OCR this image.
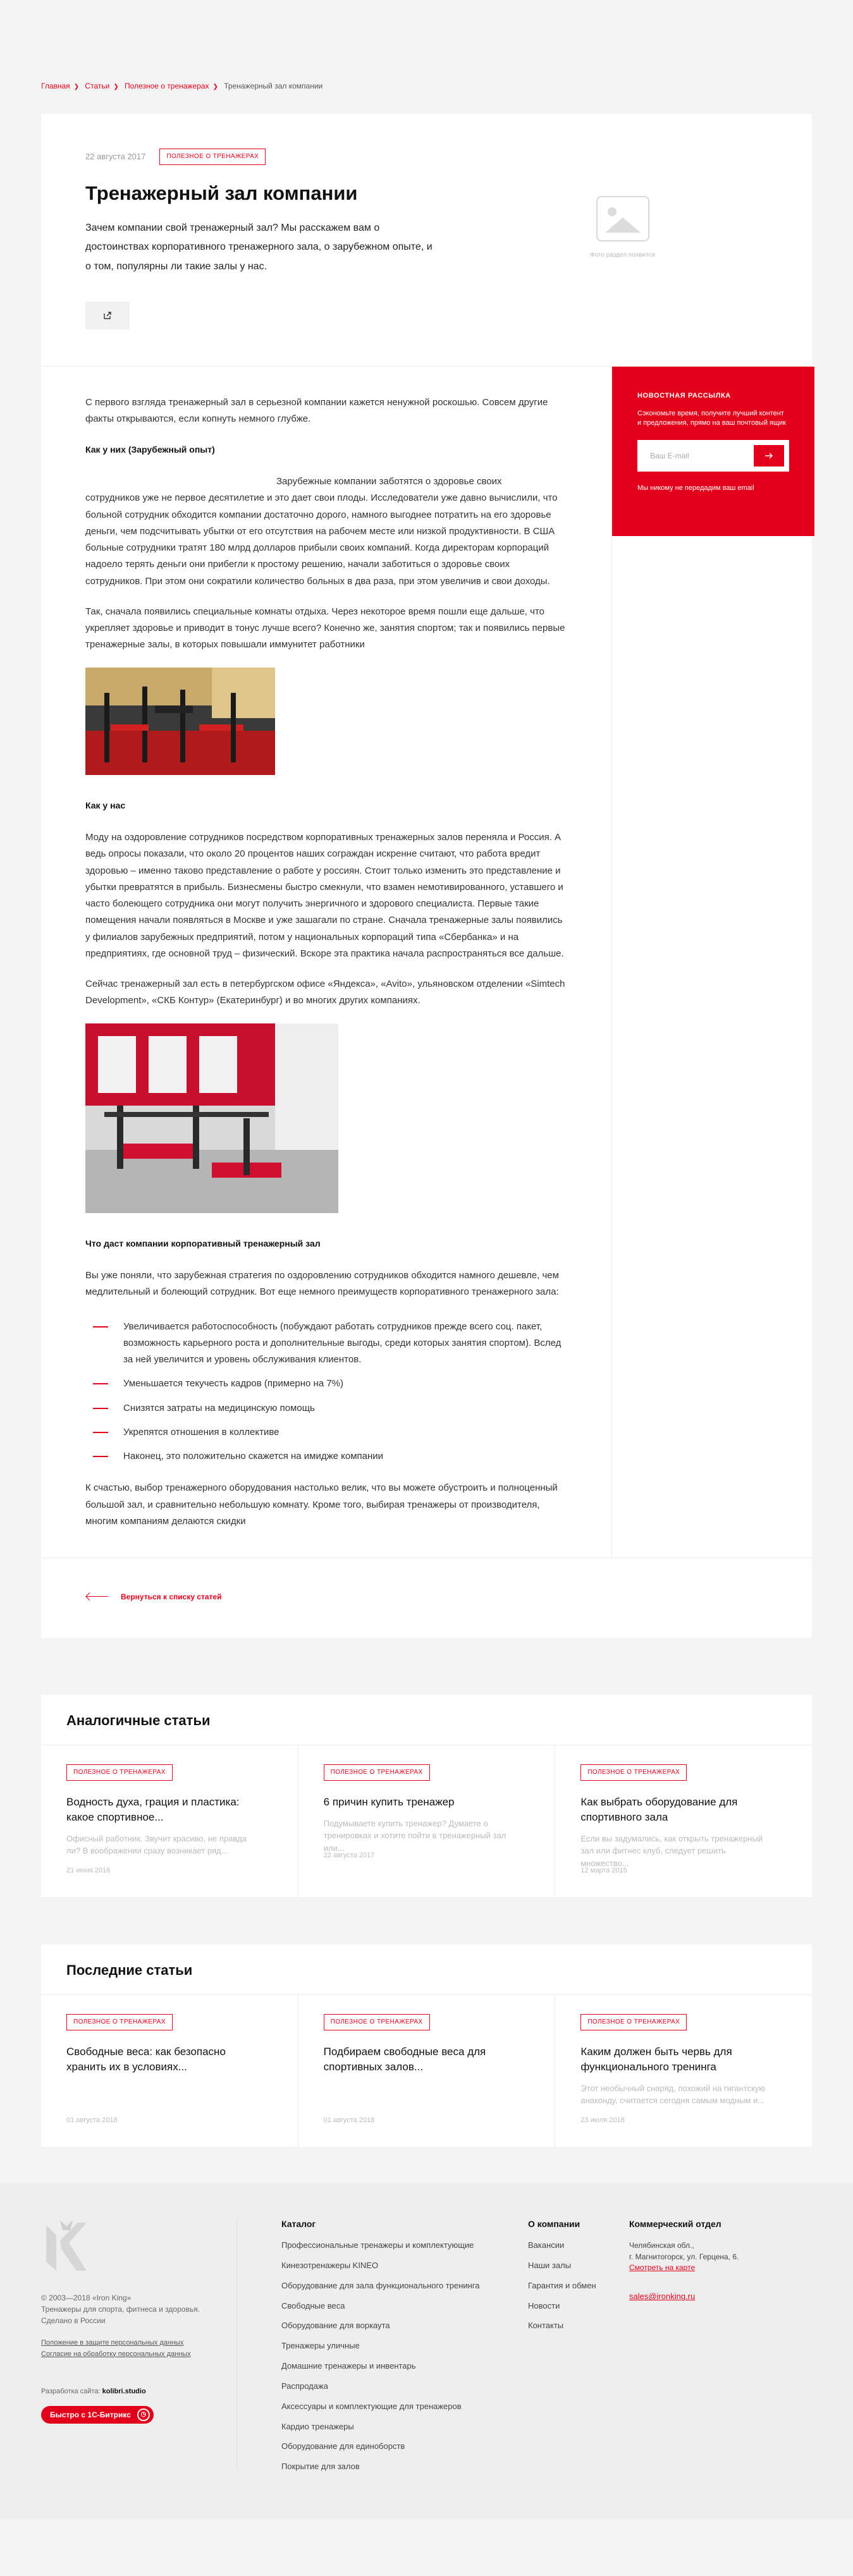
Главная ❯ Статьи ❯ Полезное о тренажерах ❯ Тренажерный зал компании
22 августа 2017	ПОЛЕЗНОЕ О ТРЕНАЖЕРАХ
Тренажерный зал компании

Зачем компании свой тренажерный зал? Мы расскажем вам о достоинствах корпоративного тренажерного зала, о зарубежном опыте, и о том, популярны ли такие залы у нас.

Фото раздел появится

С первого взгляда тренажерный зал в серьезной компании кажется ненужной роскошью. Совсем другие факты открываются, если копнуть немного глубже.

Как у них (Зарубежный опыт)

Зарубежные компании заботятся о здоровье своих

сотрудников уже не первое десятилетие и это дает свои плоды. Исследователи уже давно вычислили, что больной сотрудник обходится компании достаточно дорого, намного выгоднее потратить на его здоровье деньги, чем подсчитывать убытки от его отсутствия на рабочем месте или низкой продуктивности. В США больные сотрудники тратят 180 млрд долларов прибыли своих компаний. Когда директорам корпораций надоело терять деньги они прибегли к простому решению, начали заботиться о здоровье своих сотрудников. При этом они сократили количество больных в два раза, при этом увеличив и свои доходы.

Так, сначала появились специальные комнаты отдыха. Через некоторое время пошли еще дальше, что укрепляет здоровье и приводит в тонус лучше всего? Конечно же, занятия спортом; так и появились первые тренажерные залы, в которых повышали иммунитет работники

Как у нас

Моду на оздоровление сотрудников посредством корпоративных тренажерных залов переняла и Россия. А ведь опросы показали, что около 20 процентов наших сограждан искренне считают, что работа вредит здоровью – именно таково представление о работе у россиян. Стоит только изменить это представление и убытки превратятся в прибыль. Бизнесмены быстро смекнули, что взамен немотивированного, уставшего и часто болеющего сотрудника они могут получить энергичного и здорового специалиста. Первые такие помещения начали появляться в Москве и уже зашагали по стране. Сначала тренажерные залы появились у филиалов зарубежных предприятий, потом у национальных корпораций типа «Сбербанка» и на предприятиях, где основной труд – физический. Вскоре эта практика начала распространяться все дальше.

Сейчас тренажерный зал есть в петербургском офисе «Яндекса», «Avito», ульяновском отделении «Simtech Development», «СКБ Контур» (Екатеринбург) и во многих других компаниях.

Что даст компании корпоративный тренажерный зал

Вы уже поняли, что зарубежная стратегия по оздоровлению сотрудников обходится намного дешевле, чем медлительный и болеющий сотрудник. Вот еще немного преимуществ корпоративного тренажерного зала:

Увеличивается работоспособность (побуждают работать сотрудников прежде всего соц. пакет, возможность карьерного роста и дополнительные выгоды, среди которых занятия спортом). Вслед за ней увеличится и уровень обслуживания клиентов.
Уменьшается текучесть кадров (примерно на 7%)
Снизятся затраты на медицинскую помощь
Укрепятся отношения в коллективе
Наконец, это положительно скажется на имидже компании

К счастью, выбор тренажерного оборудования настолько велик, что вы можете обустроить и полноценный большой зал, и сравнительно небольшую комнату. Кроме того, выбирая тренажеры от производителя, многим компаниям делаются скидки

НОВОСТНАЯ РАССЫЛКА
Сэкономьте время, получите лучший контент и предложения, прямо на ваш почтовый ящик
Ваш E-mail
Мы никому не передадим ваш email
Вернуться к списку статей
Аналогичные статьи
ПОЛЕЗНОЕ О ТРЕНАЖЕРАХ
Водность духа, грация и пластика: какое спортивное...

Офисный работник. Звучит красиво, не правда ли? В воображении сразу возникает ряд...

21 июня 2016
ПОЛЕЗНОЕ О ТРЕНАЖЕРАХ
6 причин купить тренажер

Подумываете купить тренажер? Думаете о тренировках и хотите пойти в тренажерный зал или...

22 августа 2017
ПОЛЕЗНОЕ О ТРЕНАЖЕРАХ
Как выбрать оборудование для спортивного зала

Если вы задумались, как открыть тренажерный зал или фитнес клуб, следует решить множество...

12 марта 2015
Последние статьи
ПОЛЕЗНОЕ О ТРЕНАЖЕРАХ
Свободные веса: как безопасно хранить их в условиях...

01 августа 2018
ПОЛЕЗНОЕ О ТРЕНАЖЕРАХ
Подбираем свободные веса для спортивных залов...

01 августа 2018
ПОЛЕЗНОЕ О ТРЕНАЖЕРАХ
Каким должен быть червь для функционального тренинга

Этот необычный снаряд, похожий на гигантскую анаконду, считается сегодня самым модным и...

23 июля 2018
© 2003—2018 «Iron King»
Тренажеры для спорта, фитнеса и здоровья.
Сделано в России
Положение в защите персональных данных
Согласие на обработку персональных данных
Разработка сайта: kolibri.studio
Быстро с 1С-Битрикс	◷
Каталог
Профессиональные тренажеры и комплектующие
Кинезотренажеры KINEO
Оборудование для зала функционального тренинга
Свободные веса
Оборудование для воркаута
Тренажеры уличные
Домашние тренажеры и инвентарь
Распродажа
Аксессуары и комплектующие для тренажеров
Кардио тренажеры
Оборудование для единоборств
Покрытие для залов
О компании
Вакансии
Наши залы
Гарантия и обмен
Новости
Контакты
Коммерческий отдел
Челябинская обл.,
г. Магнитогорск, ул. Герцена, 6.
Смотреть на карте
sales@ironking.ru
